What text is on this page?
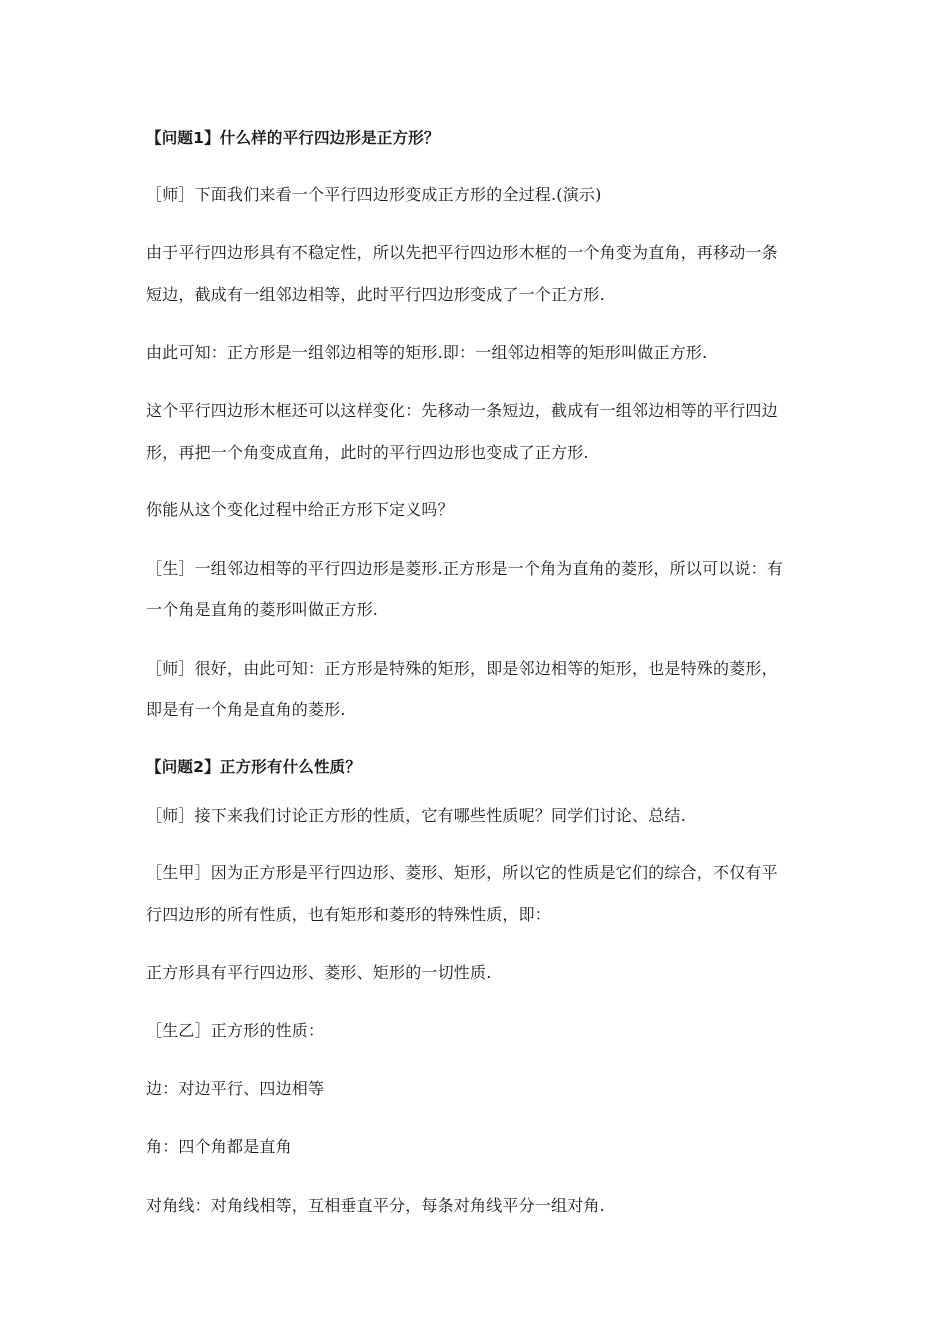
【问题1】什么样的平行四边形是正方形？
［师］下面我们来看一个平行四边形变成正方形的全过程.(演示)
由于平行四边形具有不稳定性，所以先把平行四边形木框的一个角变为直角，再移动一条
短边，截成有一组邻边相等，此时平行四边形变成了一个正方形.
由此可知：正方形是一组邻边相等的矩形.即：一组邻边相等的矩形叫做正方形.
这个平行四边形木框还可以这样变化：先移动一条短边，截成有一组邻边相等的平行四边
形，再把一个角变成直角，此时的平行四边形也变成了正方形.
你能从这个变化过程中给正方形下定义吗？
［生］一组邻边相等的平行四边形是菱形.正方形是一个角为直角的菱形，所以可以说：有
一个角是直角的菱形叫做正方形.
［师］很好，由此可知：正方形是特殊的矩形，即是邻边相等的矩形，也是特殊的菱形，
即是有一个角是直角的菱形.
【问题2】正方形有什么性质？
［师］接下来我们讨论正方形的性质，它有哪些性质呢？同学们讨论、总结.
［生甲］因为正方形是平行四边形、菱形、矩形，所以它的性质是它们的综合，不仅有平
行四边形的所有性质，也有矩形和菱形的特殊性质，即：
正方形具有平行四边形、菱形、矩形的一切性质.
［生乙］正方形的性质：
边：对边平行、四边相等
角：四个角都是直角
对角线：对角线相等，互相垂直平分，每条对角线平分一组对角.
